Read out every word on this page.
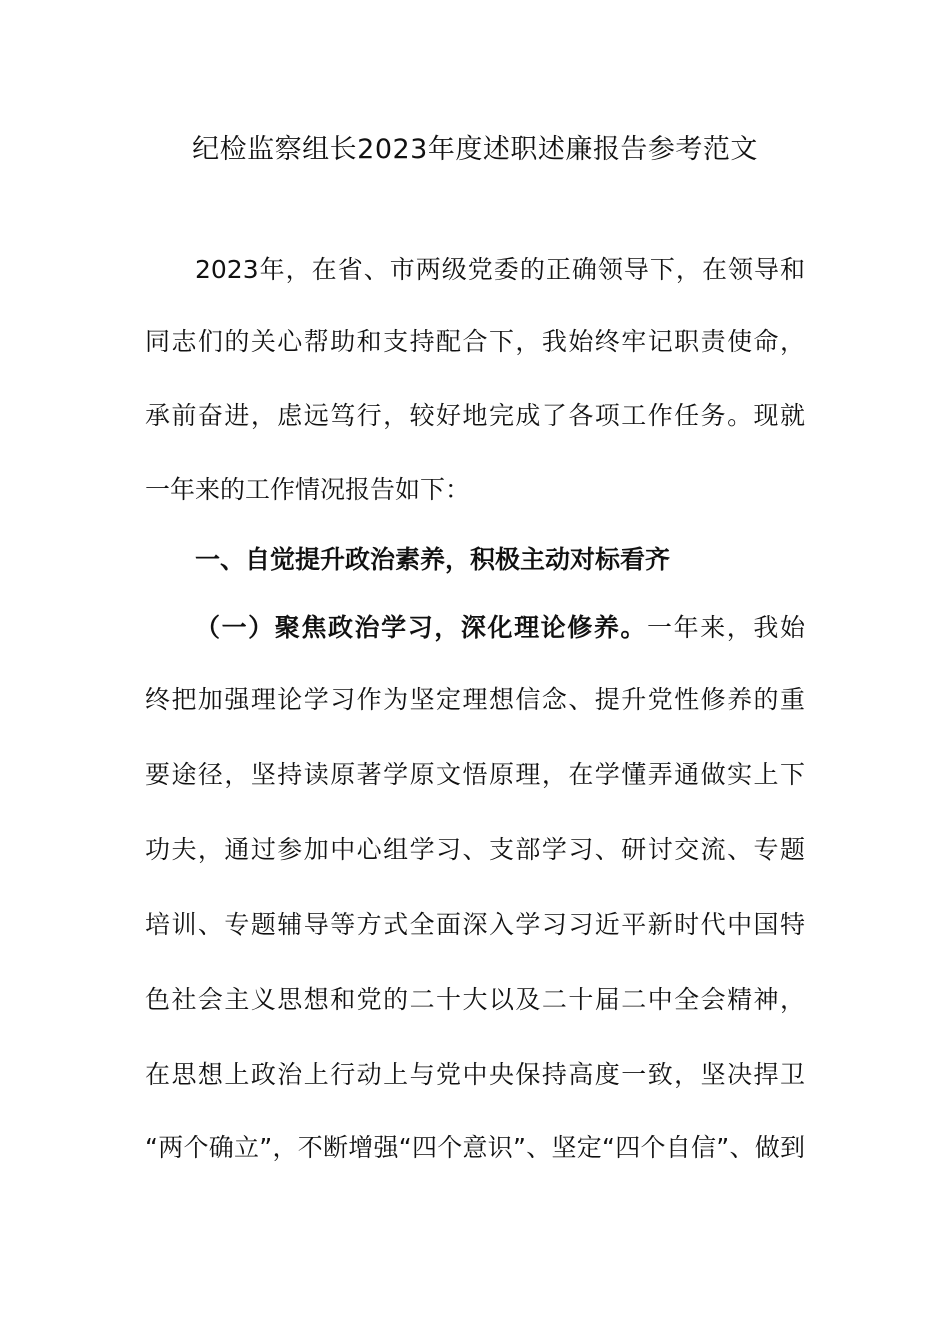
纪检监察组长2023年度述职述廉报告参考范文
2023年，在省、市两级党委的正确领导下，在领导和
同志们的关心帮助和支持配合下，我始终牢记职责使命，
承前奋进，虑远笃行，较好地完成了各项工作任务。现就
一年来的工作情况报告如下：
一、自觉提升政治素养，积极主动对标看齐
（一）聚焦政治学习，深化理论修养。一年来，我始
终把加强理论学习作为坚定理想信念、提升党性修养的重
要途径，坚持读原著学原文悟原理，在学懂弄通做实上下
功夫，通过参加中心组学习、支部学习、研讨交流、专题
培训、专题辅导等方式全面深入学习习近平新时代中国特
色社会主义思想和党的二十大以及二十届二中全会精神，
在思想上政治上行动上与党中央保持高度一致，坚决捍卫
“两个确立”，不断增强“四个意识”、坚定“四个自信”、做到
